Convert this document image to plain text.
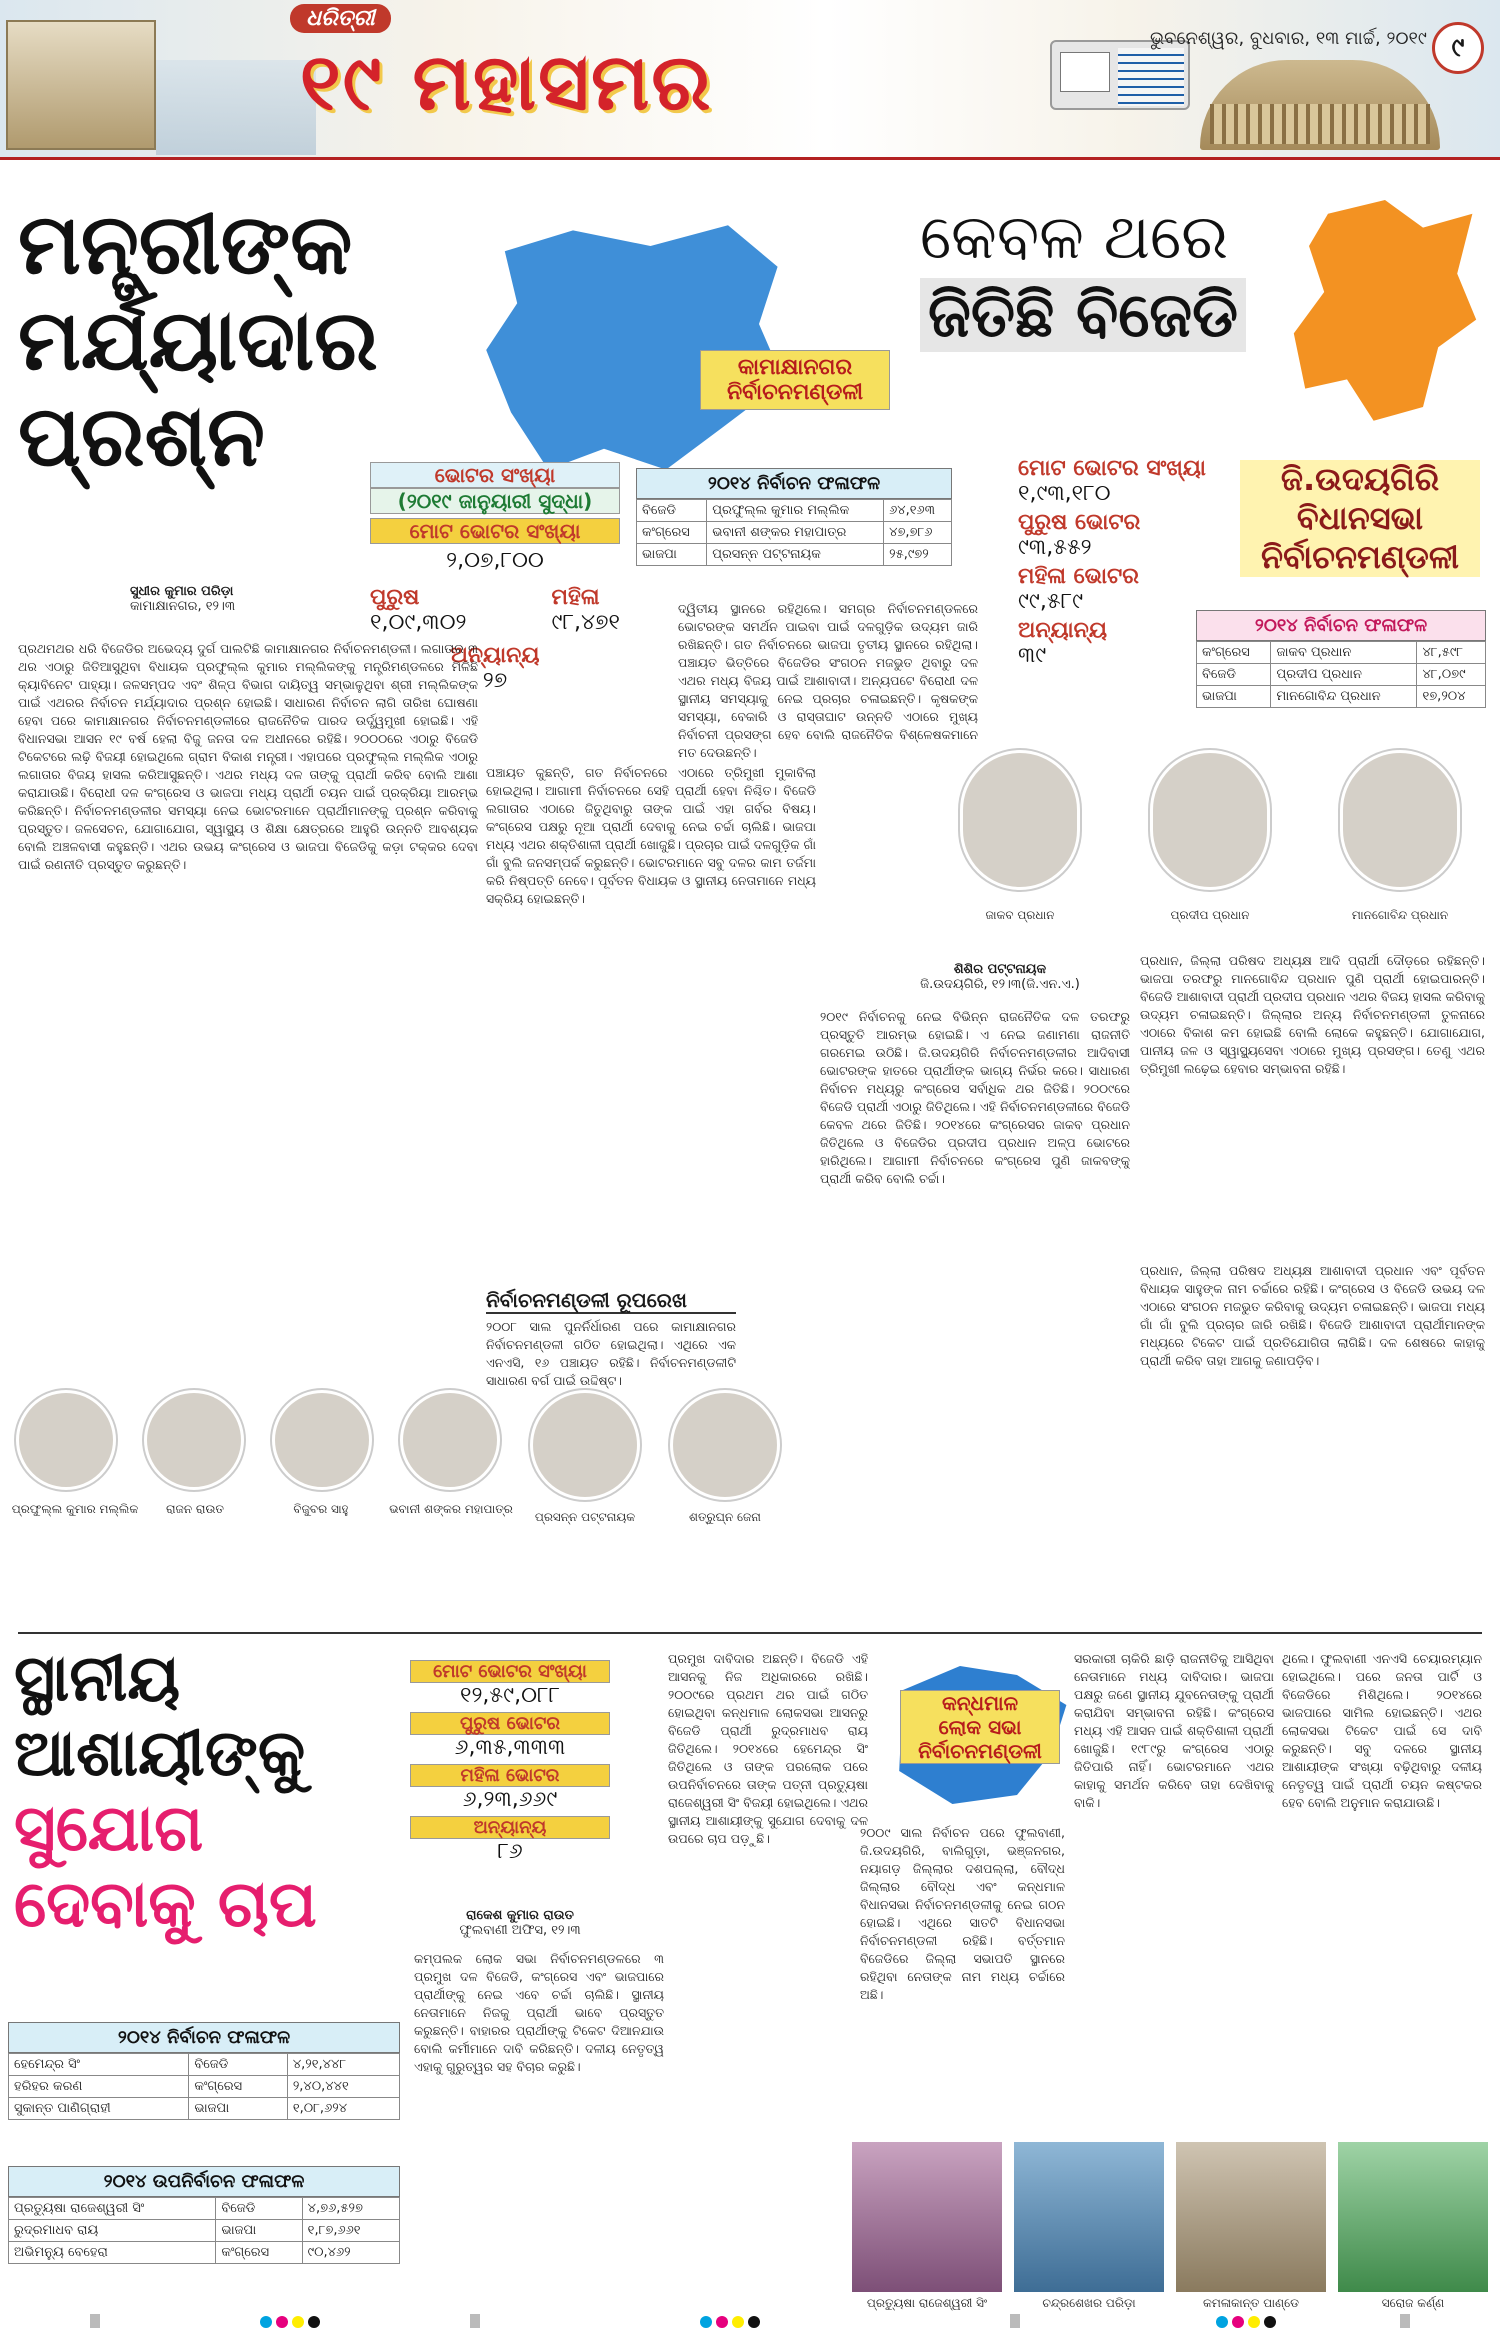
ଧରିତ୍ରୀ
୧୯ ମହାସମର	ଭୁବନେଶ୍ୱର, ବୁଧବାର, ୧୩ ମାର୍ଚ୍ଚ, ୨୦୧୯ ୯
ମନ୍ତ୍ରୀଙ୍କ
ମର୍ଯ୍ୟାଦାର
ପ୍ରଶ୍ନ
କାମାକ୍ଷାନଗର
ନିର୍ବାଚନମଣ୍ଡଳୀ
ଭୋଟର ସଂଖ୍ୟା
(୨୦୧୯ ଜାନୁୟାରୀ ସୁଦ୍ଧା)
ମୋଟ ଭୋଟର ସଂଖ୍ୟା
୨,୦୭,୮୦୦
ପୁରୁଷ
୧,୦୯,୩୦୨
ମହିଳା
୯୮,୪୭୧
ଅନ୍ୟାନ୍ୟ
୨୭
୨୦୧୪ ନିର୍ବାଚନ ଫଳାଫଳ
ବିଜେଡି	ପ୍ରଫୁଲ୍ଲ କୁମାର ମଲ୍ଲିକ	୬୪,୧୬୩
କଂଗ୍ରେସ	ଭବାନୀ ଶଙ୍କର ମହାପାତ୍ର	୪୭,୭୮୬
ଭାଜପା	ପ୍ରସନ୍ନ ପଟ୍ଟନାୟକ	୨୫,୯୭୨
ସୁଧୀର କୁମାର ପରିଡ଼ା
କାମାକ୍ଷାନଗର, ୧୨।୩
ପ୍ରଥମଥର ଧରି ବିଜେଡିର ଅଭେଦ୍ୟ ଦୁର୍ଗ ପାଲଟିଛି କାମାକ୍ଷାନଗର ନିର୍ବାଚନମଣ୍ଡଳୀ। ଲଗାତାର ୩ ଥର ଏଠାରୁ ଜିତିଆସୁଥିବା ବିଧାୟକ ପ୍ରଫୁଲ୍ଲ କୁମାର ମଲ୍ଲିକଙ୍କୁ ମନ୍ତ୍ରିମଣ୍ଡଳରେ ମିଳିଛି କ୍ୟାବିନେଟ ପାହ୍ୟା। ଜଳସମ୍ପଦ ଏବଂ ଶିଳ୍ପ ବିଭାଗ ଦାୟିତ୍ୱ ସମ୍ଭାଳୁଥିବା ଶ୍ରୀ ମଲ୍ଲିକଙ୍କ ପାଇଁ ଏଥରର ନିର୍ବାଚନ ମର୍ଯ୍ୟାଦାର ପ୍ରଶ୍ନ ହୋଇଛି। ସାଧାରଣ ନିର୍ବାଚନ ଲାଗି ତାରିଖ ଘୋଷଣା ହେବା ପରେ କାମାକ୍ଷାନଗର ନିର୍ବାଚନମଣ୍ଡଳୀରେ ରାଜନୈତିକ ପାରଦ ଉର୍ଦ୍ଧ୍ୱମୁଖୀ ହୋଇଛି। ଏହି ବିଧାନସଭା ଆସନ ୧୯ ବର୍ଷ ହେଲା ବିଜୁ ଜନତା ଦଳ ଅଧୀନରେ ରହିଛି। ୨୦୦୦ରେ ଏଠାରୁ ବିଜେଡି ଟିକେଟରେ ଲଢ଼ି ବିଜୟୀ ହୋଇଥିଲେ ଗ୍ରାମ ବିକାଶ ମନ୍ତ୍ରୀ। ଏହାପରେ ପ୍ରଫୁଲ୍ଲ ମଲ୍ଲିକ ଏଠାରୁ ଲଗାତାର ବିଜୟ ହାସଲ କରିଆସୁଛନ୍ତି। ଏଥର ମଧ୍ୟ ଦଳ ତାଙ୍କୁ ପ୍ରାର୍ଥୀ କରିବ ବୋଲି ଆଶା କରାଯାଉଛି। ବିରୋଧୀ ଦଳ କଂଗ୍ରେସ ଓ ଭାଜପା ମଧ୍ୟ ପ୍ରାର୍ଥୀ ଚୟନ ପାଇଁ ପ୍ରକ୍ରିୟା ଆରମ୍ଭ କରିଛନ୍ତି। ନିର୍ବାଚନମଣ୍ଡଳୀର ସମସ୍ୟା ନେଇ ଭୋଟରମାନେ ପ୍ରାର୍ଥୀମାନଙ୍କୁ ପ୍ରଶ୍ନ କରିବାକୁ ପ୍ରସ୍ତୁତ। ଜଳସେଚନ, ଯୋଗାଯୋଗ, ସ୍ୱାସ୍ଥ୍ୟ ଓ ଶିକ୍ଷା କ୍ଷେତ୍ରରେ ଆହୁରି ଉନ୍ନତି ଆବଶ୍ୟକ ବୋଲି ଅଞ୍ଚଳବାସୀ କହୁଛନ୍ତି। ଏଥର ଉଭୟ କଂଗ୍ରେସ ଓ ଭାଜପା ବିଜେଡିକୁ କଡ଼ା ଟକ୍କର ଦେବା ପାଇଁ ରଣନୀତି ପ୍ରସ୍ତୁତ କରୁଛନ୍ତି।
ଦ୍ୱିତୀୟ ସ୍ଥାନରେ ରହିଥିଲେ। ସମଗ୍ର ନିର୍ବାଚନମଣ୍ଡଳରେ ଭୋଟରଙ୍କ ସମର୍ଥନ ପାଇବା ପାଇଁ ଦଳଗୁଡ଼ିକ ଉଦ୍ୟମ ଜାରି ରଖିଛନ୍ତି। ଗତ ନିର୍ବାଚନରେ ଭାଜପା ତୃତୀୟ ସ୍ଥାନରେ ରହିଥିଲା। ପଞ୍ଚାୟତ ଭିତ୍ତିରେ ବିଜେଡିର ସଂଗଠନ ମଜଭୁତ ଥିବାରୁ ଦଳ ଏଥର ମଧ୍ୟ ବିଜୟ ପାଇଁ ଆଶାବାଦୀ। ଅନ୍ୟପଟେ ବିରୋଧୀ ଦଳ ସ୍ଥାନୀୟ ସମସ୍ୟାକୁ ନେଇ ପ୍ରଚାର ଚଳାଇଛନ୍ତି। କୃଷକଙ୍କ ସମସ୍ୟା, ବେକାରି ଓ ରାସ୍ତାଘାଟ ଉନ୍ନତି ଏଠାରେ ମୁଖ୍ୟ ନିର୍ବାଚନୀ ପ୍ରସଙ୍ଗ ହେବ ବୋଲି ରାଜନୈତିକ ବିଶ୍ଳେଷକମାନେ ମତ ଦେଉଛନ୍ତି।
ପଞ୍ଚାୟତ କୁଛନ୍ତି, ଗତ ନିର୍ବାଚନରେ ଏଠାରେ ତ୍ରିମୁଖୀ ମୁକାବିଲା ହୋଇଥିଲା। ଆଗାମୀ ନିର୍ବାଚନରେ ସେହି ପ୍ରାର୍ଥୀ ହେବା ନିଶ୍ଚିତ। ବିଜେଡି ଲଗାତାର ଏଠାରେ ଜିତୁଥିବାରୁ ତାଙ୍କ ପାଇଁ ଏହା ଗର୍ବର ବିଷୟ। କଂଗ୍ରେସ ପକ୍ଷରୁ ନୂଆ ପ୍ରାର୍ଥୀ ଦେବାକୁ ନେଇ ଚର୍ଚ୍ଚା ଚାଲିଛି। ଭାଜପା ମଧ୍ୟ ଏଥର ଶକ୍ତିଶାଳୀ ପ୍ରାର୍ଥୀ ଖୋଜୁଛି। ପ୍ରଚାର ପାଇଁ ଦଳଗୁଡ଼ିକ ଗାଁ ଗାଁ ବୁଲି ଜନସମ୍ପର୍କ କରୁଛନ୍ତି। ଭୋଟରମାନେ ସବୁ ଦଳର କାମ ତର୍ଜମା କରି ନିଷ୍ପତ୍ତି ନେବେ। ପୂର୍ବତନ ବିଧାୟକ ଓ ସ୍ଥାନୀୟ ନେତାମାନେ ମଧ୍ୟ ସକ୍ରିୟ ହୋଇଛନ୍ତି।
ନିର୍ବାଚନମଣ୍ଡଳୀ ରୂପରେଖ
୨୦୦୮ ସାଲ ପୁନର୍ନିର୍ଧାରଣ ପରେ କାମାକ୍ଷାନଗର ନିର୍ବାଚନମଣ୍ଡଳୀ ଗଠିତ ହୋଇଥିଲା। ଏଥିରେ ଏକ ଏନଏସି, ୧୬ ପଞ୍ଚାୟତ ରହିଛି। ନିର୍ବାଚନମଣ୍ଡଳୀଟି ସାଧାରଣ ବର୍ଗ ପାଇଁ ଉଦ୍ଦିଷ୍ଟ।
ପ୍ରଫୁଲ୍ଲ କୁମାର ମଲ୍ଲିକ	ରାଜନ ରାଉତ	ବିଜୁବର ସାହୁ	ଭବାନୀ ଶଙ୍କର ମହାପାତ୍ର
ପ୍ରସନ୍ନ ପଟ୍ଟନାୟକ	ଶତ୍ରୁଘ୍ନ ଜେନା
କେବଳ ଥରେ
ଜିତିଛି ବିଜେଡି
ଜି.ଉଦୟଗିରି
ବିଧାନସଭା
ନିର୍ବାଚନମଣ୍ଡଳୀ
ମୋଟ ଭୋଟର ସଂଖ୍ୟା
୧,୯୩,୧୮୦
ପୁରୁଷ ଭୋଟର
୯୩,୫୫୨
ମହିଳା ଭୋଟର
୯୯,୫୮୯
ଅନ୍ୟାନ୍ୟ
୩୯
୨୦୧୪ ନିର୍ବାଚନ ଫଳାଫଳ
କଂଗ୍ରେସ	ଜାକବ ପ୍ରଧାନ	୪୮,୫୯୮
ବିଜେଡି	ପ୍ରଦୀପ ପ୍ରଧାନ	୪୮,୦୭୯
ଭାଜପା	ମାନଗୋବିନ୍ଦ ପ୍ରଧାନ	୧୭,୨୦୪
ଜାକବ ପ୍ରଧାନ	ପ୍ରଦୀପ ପ୍ରଧାନ	ମାନଗୋବିନ୍ଦ ପ୍ରଧାନ
ଶିଶିର ପଟ୍ଟନାୟକ
ଜି.ଉଦୟଗିରି, ୧୨।୩(ଜି.ଏନ.ଏ.)
୨୦୧୯ ନିର୍ବାଚନକୁ ନେଇ ବିଭିନ୍ନ ରାଜନୈତିକ ଦଳ ତରଫରୁ ପ୍ରସ୍ତୁତି ଆରମ୍ଭ ହୋଇଛି। ଏ ନେଇ ଜଣାମଣା ରାଜନୀତି ଗରମେଇ ଉଠିଛି। ଜି.ଉଦୟଗିରି ନିର୍ବାଚନମଣ୍ଡଳୀର ଆଦିବାସୀ ଭୋଟରଙ୍କ ହାତରେ ପ୍ରାର୍ଥୀଙ୍କ ଭାଗ୍ୟ ନିର୍ଭର କରେ। ସାଧାରଣ ନିର୍ବାଚନ ମଧ୍ୟରୁ କଂଗ୍ରେସ ସର୍ବାଧିକ ଥର ଜିତିଛି। ୨୦୦୯ରେ ବିଜେଡି ପ୍ରାର୍ଥୀ ଏଠାରୁ ଜିତିଥିଲେ। ଏହି ନିର୍ବାଚନମଣ୍ଡଳୀରେ ବିଜେଡି କେବଳ ଥରେ ଜିତିଛି। ୨୦୧୪ରେ କଂଗ୍ରେସର ଜାକବ ପ୍ରଧାନ ଜିତିଥିଲେ ଓ ବିଜେଡିର ପ୍ରଦୀପ ପ୍ରଧାନ ଅଳ୍ପ ଭୋଟରେ ହାରିଥିଲେ। ଆଗାମୀ ନିର୍ବାଚନରେ କଂଗ୍ରେସ ପୁଣି ଜାକବଙ୍କୁ ପ୍ରାର୍ଥୀ କରିବ ବୋଲି ଚର୍ଚ୍ଚା।
ପ୍ରଧାନ, ଜିଲ୍ଲା ପରିଷଦ ଅଧ୍ୟକ୍ଷ ଆଦି ପ୍ରାର୍ଥୀ ଦୌଡ଼ରେ ରହିଛନ୍ତି। ଭାଜପା ତରଫରୁ ମାନଗୋବିନ୍ଦ ପ୍ରଧାନ ପୁଣି ପ୍ରାର୍ଥୀ ହୋଇପାରନ୍ତି। ବିଜେଡି ଆଶାବାଦୀ ପ୍ରାର୍ଥୀ ପ୍ରଦୀପ ପ୍ରଧାନ ଏଥର ବିଜୟ ହାସଲ କରିବାକୁ ଉଦ୍ୟମ ଚଳାଇଛନ୍ତି। ଜିଲ୍ଲାର ଅନ୍ୟ ନିର୍ବାଚନମଣ୍ଡଳୀ ତୁଳନାରେ ଏଠାରେ ବିକାଶ କମ ହୋଇଛି ବୋଲି ଲୋକେ କହୁଛନ୍ତି। ଯୋଗାଯୋଗ, ପାନୀୟ ଜଳ ଓ ସ୍ୱାସ୍ଥ୍ୟସେବା ଏଠାରେ ମୁଖ୍ୟ ପ୍ରସଙ୍ଗ। ତେଣୁ ଏଥର ତ୍ରିମୁଖୀ ଲଢ଼େଇ ହେବାର ସମ୍ଭାବନା ରହିଛି।
ପ୍ରଧାନ, ଜିଲ୍ଲା ପରିଷଦ ଅଧ୍ୟକ୍ଷ ଆଶାବାଦୀ ପ୍ରଧାନ ଏବଂ ପୂର୍ବତନ ବିଧାୟକ ସାହୁଙ୍କ ନାମ ଚର୍ଚ୍ଚାରେ ରହିଛି। କଂଗ୍ରେସ ଓ ବିଜେଡି ଉଭୟ ଦଳ ଏଠାରେ ସଂଗଠନ ମଜଭୁତ କରିବାକୁ ଉଦ୍ୟମ ଚଳାଇଛନ୍ତି। ଭାଜପା ମଧ୍ୟ ଗାଁ ଗାଁ ବୁଲି ପ୍ରଚାର ଜାରି ରଖିଛି। ବିଜେଡି ଆଶାବାଦୀ ପ୍ରାର୍ଥୀମାନଙ୍କ ମଧ୍ୟରେ ଟିକେଟ ପାଇଁ ପ୍ରତିଯୋଗିତା ଲାଗିଛି। ଦଳ ଶେଷରେ କାହାକୁ ପ୍ରାର୍ଥୀ କରିବ ତାହା ଆଗକୁ ଜଣାପଡ଼ିବ।
ସ୍ଥାନୀୟ
ଆଶାୟୀଙ୍କୁ
ସୁଯୋଗ
ଦେବାକୁ ଚାପ
୨୦୧୪ ନିର୍ବାଚନ ଫଳାଫଳ
ହେମେନ୍ଦ୍ର ସିଂ	ବିଜେଡି	୪,୨୧,୪୪୮
ହରିହର କରଣ	କଂଗ୍ରେସ	୨,୪୦,୪୪୧
ସୁକାନ୍ତ ପାଣିଗ୍ରାହୀ	ଭାଜପା	୧,୦୮,୬୨୪
୨୦୧୪ ଉପନିର୍ବାଚନ ଫଳାଫଳ
ପ୍ରତ୍ୟୁଷା ରାଜେଶ୍ୱରୀ ସିଂ	ବିଜେଡି	୪,୭୬,୫୨୭
ରୁଦ୍ରମାଧବ ରାୟ	ଭାଜପା	୧,୮୭,୬୬୧
ଅଭିମନ୍ୟୁ ବେହେରା	କଂଗ୍ରେସ	୯୦,୪୬୨
ମୋଟ ଭୋଟର ସଂଖ୍ୟା
୧୨,୫୯,୦୮୮
ପୁରୁଷ ଭୋଟର
୬,୩୫,୩୩୩
ମହିଳା ଭୋଟର
୬,୨୩,୬୬୯
ଅନ୍ୟାନ୍ୟ
୮୬
ରାକେଶ କୁମାର ରାଉତ
ଫୁଲବାଣୀ ଅଫିସ, ୧୨।୩
କମ୍ପଲକ ଲୋକ ସଭା ନିର୍ବାଚନମଣ୍ଡଳରେ ୩ ପ୍ରମୁଖ ଦଳ ବିଜେଡି, କଂଗ୍ରେସ ଏବଂ ଭାଜପାରେ ପ୍ରାର୍ଥୀଙ୍କୁ ନେଇ ଏବେ ଚର୍ଚ୍ଚା ଚାଲିଛି। ସ୍ଥାନୀୟ ନେତାମାନେ ନିଜକୁ ପ୍ରାର୍ଥୀ ଭାବେ ପ୍ରସ୍ତୁତ କରୁଛନ୍ତି। ବାହାରର ପ୍ରାର୍ଥୀଙ୍କୁ ଟିକେଟ ଦିଆନଯାଉ ବୋଲି କର୍ମୀମାନେ ଦାବି କରିଛନ୍ତି। ଦଳୀୟ ନେତୃତ୍ୱ ଏହାକୁ ଗୁରୁତ୍ୱର ସହ ବିଚାର କରୁଛି।
ପ୍ରମୁଖ ଦାବିଦାର ଅଛନ୍ତି। ବିଜେଡି ଏହି ଆସନକୁ ନିଜ ଅଧିକାରରେ ରଖିଛି। ୨୦୦୯ରେ ପ୍ରଥମ ଥର ପାଇଁ ଗଠିତ ହୋଇଥିବା କନ୍ଧମାଳ ଲୋକସଭା ଆସନରୁ ବିଜେଡି ପ୍ରାର୍ଥୀ ରୁଦ୍ରମାଧବ ରାୟ ଜିତିଥିଲେ। ୨୦୧୪ରେ ହେମେନ୍ଦ୍ର ସିଂ ଜିତିଥିଲେ ଓ ତାଙ୍କ ପରଲୋକ ପରେ ଉପନିର୍ବାଚନରେ ତାଙ୍କ ପତ୍ନୀ ପ୍ରତ୍ୟୁଷା ରାଜେଶ୍ୱରୀ ସିଂ ବିଜୟୀ ହୋଇଥିଲେ। ଏଥର ସ୍ଥାନୀୟ ଆଶାୟୀଙ୍କୁ ସୁଯୋଗ ଦେବାକୁ ଦଳ ଉପରେ ଚାପ ପଡ଼ୁଛି।
କନ୍ଧମାଳ
ଲୋକ ସଭା
ନିର୍ବାଚନମଣ୍ଡଳୀ
୨୦୦୯ ସାଲ ନିର୍ବାଚନ ପରେ ଫୁଲବାଣୀ, ଜି.ଉଦୟଗିରି, ବାଲିଗୁଡ଼ା, ଭଞ୍ଜନଗର, ନୟାଗଡ଼ ଜିଲ୍ଲାର ଦଶପଲ୍ଲା, ବୌଦ୍ଧ ଜିଲ୍ଲାର ବୌଦ୍ଧ ଏବଂ କନ୍ଧମାଳ ବିଧାନସଭା ନିର୍ବାଚନମଣ୍ଡଳୀକୁ ନେଇ ଗଠନ ହୋଇଛି। ଏଥିରେ ସାତଟି ବିଧାନସଭା ନିର୍ବାଚନମଣ୍ଡଳୀ ରହିଛି। ବର୍ତ୍ତମାନ ବିଜେଡିରେ ଜିଲ୍ଲା ସଭାପତି ସ୍ଥାନରେ ରହିଥିବା ନେତାଙ୍କ ନାମ ମଧ୍ୟ ଚର୍ଚ୍ଚାରେ ଅଛି।
ସରକାରୀ ଚାକିରି ଛାଡ଼ି ରାଜନୀତିକୁ ଆସିଥିବା ନେତାମାନେ ମଧ୍ୟ ଦାବିଦାର। ଭାଜପା ପକ୍ଷରୁ ଜଣେ ସ୍ଥାନୀୟ ଯୁବନେତାଙ୍କୁ ପ୍ରାର୍ଥୀ କରାଯିବା ସମ୍ଭାବନା ରହିଛି। କଂଗ୍ରେସ ମଧ୍ୟ ଏହି ଆସନ ପାଇଁ ଶକ୍ତିଶାଳୀ ପ୍ରାର୍ଥୀ ଖୋଜୁଛି। ୧୯୮୯ରୁ କଂଗ୍ରେସ ଏଠାରୁ ଜିତିପାରି ନାହିଁ। ଭୋଟରମାନେ ଏଥର କାହାକୁ ସମର୍ଥନ କରିବେ ତାହା ଦେଖିବାକୁ ବାକି।
ଥିଲେ। ଫୁଲବାଣୀ ଏନଏସି ଚେୟାରମ୍ୟାନ ହୋଇଥିଲେ। ପରେ ଜନତା ପାର୍ଟି ଓ ବିଜେଡିରେ ମିଶିଥିଲେ। ୨୦୧୪ରେ ଭାଜପାରେ ସାମିଲ ହୋଇଛନ୍ତି। ଏଥର ଲୋକସଭା ଟିକେଟ ପାଇଁ ସେ ଦାବି କରୁଛନ୍ତି। ସବୁ ଦଳରେ ସ୍ଥାନୀୟ ଆଶାୟୀଙ୍କ ସଂଖ୍ୟା ବଢ଼ିଥିବାରୁ ଦଳୀୟ ନେତୃତ୍ୱ ପାଇଁ ପ୍ରାର୍ଥୀ ଚୟନ କଷ୍ଟକର ହେବ ବୋଲି ଅନୁମାନ କରାଯାଉଛି।
ପ୍ରତ୍ୟୁଷା ରାଜେଶ୍ୱରୀ ସିଂ	ଚନ୍ଦ୍ରଶେଖର ପରିଡ଼ା	କମଳାକାନ୍ତ ପାଣ୍ଡେ	ସରୋଜ କର୍ଣ୍ଣ
